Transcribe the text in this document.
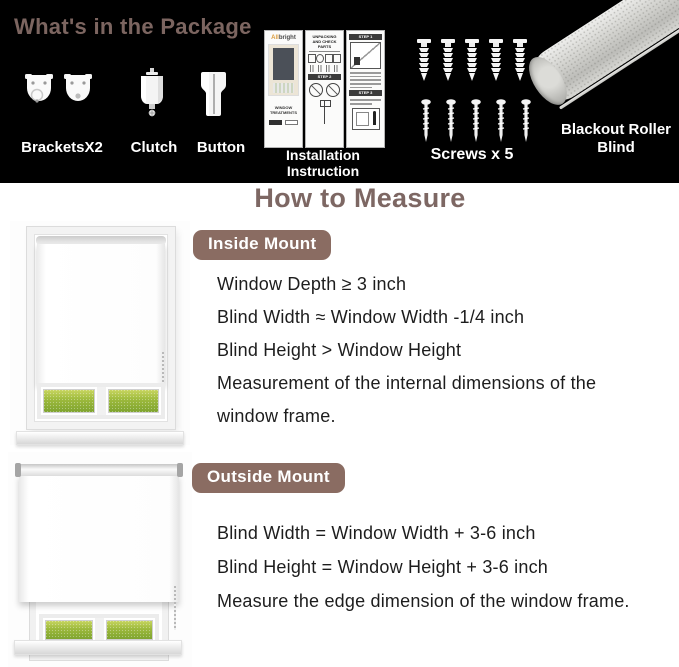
What's in the Package	Allbright
WINDOW TREATMENTS
UNPACKING AND CHECK PARTS
STEP 2
STEP 1
STEP 3
BracketsX2	Clutch	Button	Installation Instruction
Screws x 5
Blackout Roller Blind
How to Measure
Inside Mount
Window Depth ≥ 3 inch
Blind Width ≈ Window Width -1/4 inch
Blind Height > Window Height
Measurement of the internal dimensions of the
window frame.
Outside Mount
Blind Width = Window Width + 3-6 inch
Blind Height = Window Height + 3-6 inch
Measure the edge dimension of the window frame.
